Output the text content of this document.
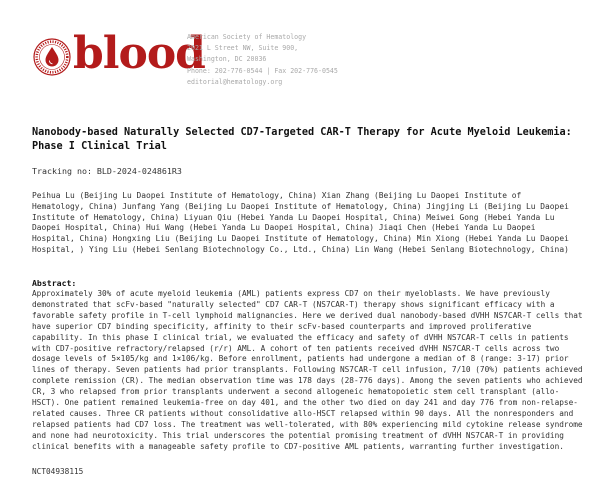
blood
American Society of Hematology
2021 L Street NW, Suite 900,
Washington, DC 20036
Phone: 202-776-0544 | Fax 202-776-0545
editorial@hematology.org

Nanobody-based Naturally Selected CD7-Targeted CAR-T Therapy for Acute Myeloid Leukemia: Phase I Clinical Trial

Tracking no: BLD-2024-024861R3

Peihua Lu (Beijing Lu Daopei Institute of Hematology, China) Xian Zhang (Beijing Lu Daopei Institute of Hematology, China) Junfang Yang (Beijing Lu Daopei Institute of Hematology, China) Jingjing Li (Beijing Lu Daopei Institute of Hematology, China) Liyuan Qiu (Hebei Yanda Lu Daopei Hospital, China) Meiwei Gong (Hebei Yanda Lu Daopei Hospital, China) Hui Wang (Hebei Yanda Lu Daopei Hospital, China) Jiaqi Chen (Hebei Yanda Lu Daopei Hospital, China) Hongxing Liu (Beijing Lu Daopei Institute of Hematology, China) Min Xiong (Hebei Yanda Lu Daopei Hospital, ) Ying Liu (Hebei Senlang Biotechnology Co., Ltd., China) Lin Wang (Hebei Senlang Biotechnology, China)

Abstract:

Approximately 30% of acute myeloid leukemia (AML) patients express CD7 on their myeloblasts. We have previously demonstrated that scFv-based "naturally selected" CD7 CAR-T (NS7CAR-T) therapy shows significant efficacy with a favorable safety profile in T-cell lymphoid malignancies. Here we derived dual nanobody-based dVHH NS7CAR-T cells that have superior CD7 binding specificity, affinity to their scFv-based counterparts and improved proliferative capability. In this phase I clinical trial, we evaluated the efficacy and safety of dVHH NS7CAR-T cells in patients with CD7-positive refractory/relapsed (r/r) AML. A cohort of ten patients received dVHH NS7CAR-T cells across two dosage levels of 5×105/kg and 1×106/kg. Before enrollment, patients had undergone a median of 8 (range: 3-17) prior lines of therapy. Seven patients had prior transplants. Following NS7CAR-T cell infusion, 7/10 (70%) patients achieved complete remission (CR). The median observation time was 178 days (28-776 days). Among the seven patients who achieved CR, 3 who relapsed from prior transplants underwent a second allogeneic hematopoietic stem cell transplant (allo-HSCT). One patient remained leukemia-free on day 401, and the other two died on day 241 and day 776 from non-relapse-related causes. Three CR patients without consolidative allo-HSCT relapsed within 90 days. All the nonresponders and relapsed patients had CD7 loss. The treatment was well-tolerated, with 80% experiencing mild cytokine release syndrome and none had neurotoxicity. This trial underscores the potential promising treatment of dVHH NS7CAR-T in providing clinical benefits with a manageable safety profile to CD7-positive AML patients, warranting further investigation.

NCT04938115
